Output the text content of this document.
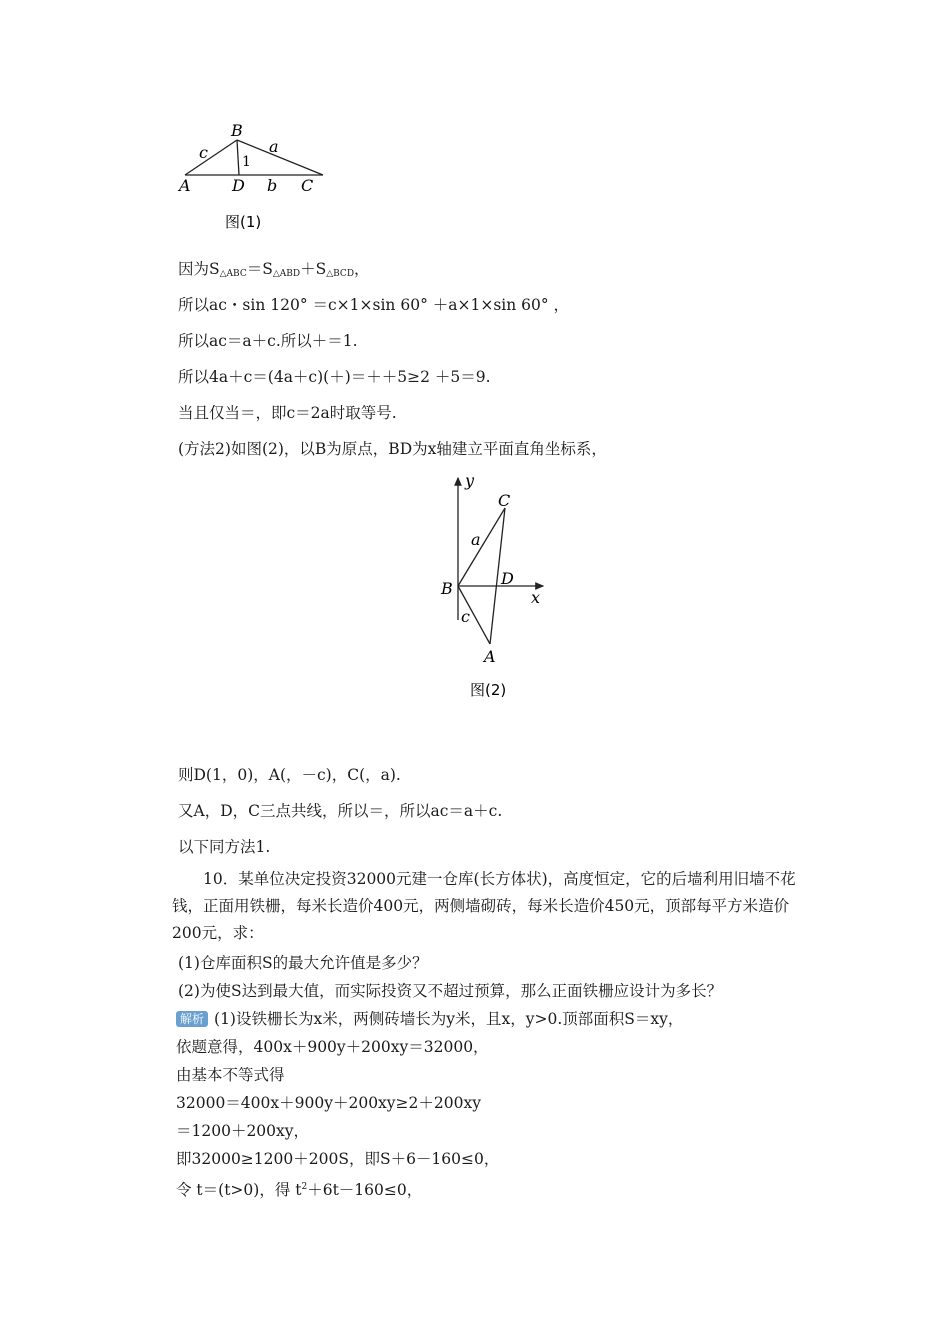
B
c	a
1
A	D b C
图(1)
因为$S_{\triangle ABC}=S_{\triangle ABD}+S_{\triangle BCD}$，
所以ac・sin 120° ＝c×1×sin 60° ＋a×1×sin 60° ，
所以ac＝a＋c.所以＋＝1.
所以4a＋c＝(4a＋c)(＋)＝＋＋5≥2 ＋5＝9.
当且仅当＝，即c＝2a时取等号.
(方法2)如图(2)，以B为原点，BD为x轴建立平面直角坐标系，
y
C
a
B
D
x
c
A
图(2)
则D(1，0)，A(，－c)，C(，a).
又A，D，C三点共线，所以＝，所以ac＝a＋c.
以下同方法1.
10．某单位决定投资32000元建一仓库(长方体状)，高度恒定，它的后墙利用旧墙不花钱，正面用铁栅，每米长造价400元，两侧墙砌砖，每米长造价450元，顶部每平方米造价200元，求：
(1)仓库面积S的最大允许值是多少？
(2)为使S达到最大值，而实际投资又不超过预算，那么正面铁栅应设计为多长？
解析 (1)设铁栅长为x米，两侧砖墙长为y米，且x，y>0.顶部面积S＝xy，
依题意得，400x＋900y＋200xy＝32000，
由基本不等式得
32000＝400x＋900y＋200xy≥2＋200xy
＝1200＋200xy，
即32000≥1200＋200S，即S＋6－160≤0，
令 t＝(t>0)，得 $t^2+6t-160\le 0$，
